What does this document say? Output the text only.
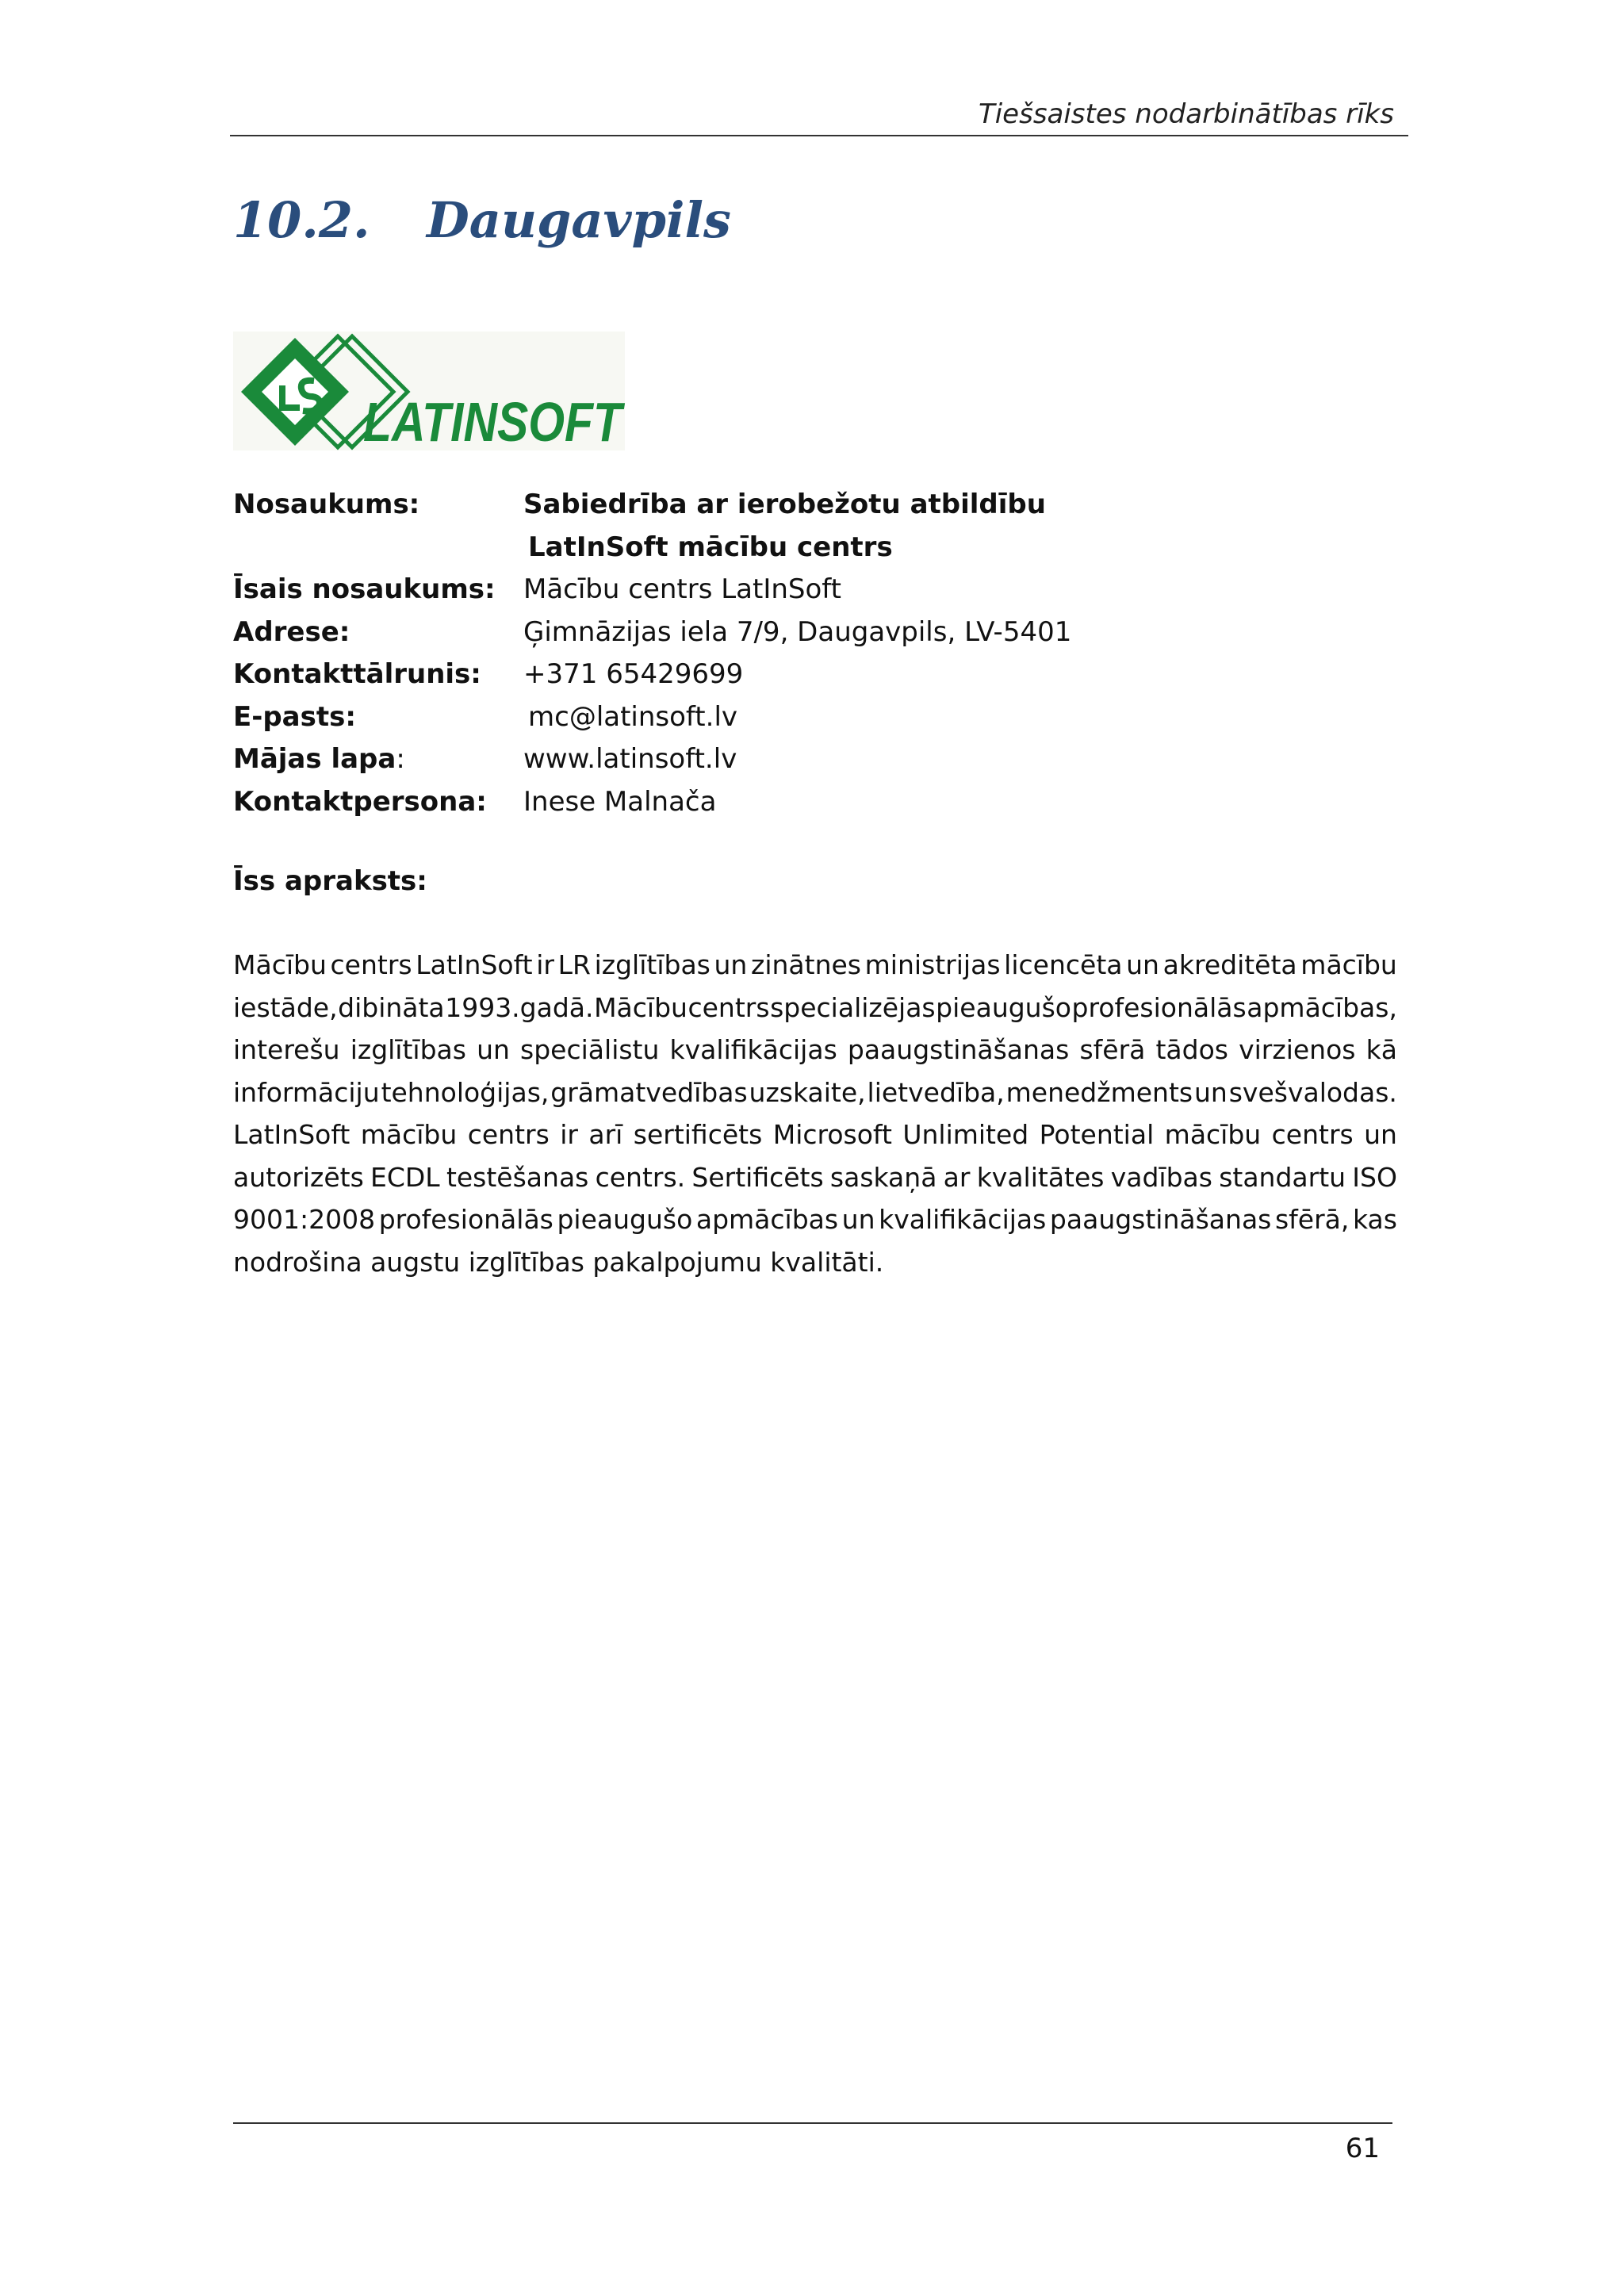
Tiešsaistes nodarbinātības rīks
10.2. Daugavpils
LATINSOFT
Nosaukums:	Sabiedrība ar ierobežotu atbildību
LatInSoft mācību centrs
Īsais nosaukums:	Mācību centrs LatInSoft
Adrese:	Ģimnāzijas iela 7/9, Daugavpils, LV-5401
Kontakttālrunis:	+371 65429699
E-pasts:	mc@latinsoft.lv
Mājas lapa:	www.latinsoft.lv
Kontaktpersona:	Inese Malnača
Īss apraksts:
Mācību centrs LatInSoft ir LR izglītības un zinātnes ministrijas licencēta un akreditēta mācību
iestāde, dibināta 1993.gadā. Mācību centrs specializējas pieaugušo profesionālās apmācības,
interešu izglītības un speciālistu kvalifikācijas paaugstināšanas sfērā tādos virzienos kā
informāciju tehnoloģijas, grāmatvedības uzskaite, lietvedība, menedžments un svešvalodas.
LatInSoft mācību centrs ir arī sertificēts Microsoft Unlimited Potential mācību centrs un
autorizēts ECDL testēšanas centrs. Sertificēts saskaņā ar kvalitātes vadības standartu ISO
9001:2008 profesionālās pieaugušo apmācības un kvalifikācijas paaugstināšanas sfērā, kas
nodrošina augstu izglītības pakalpojumu kvalitāti.
61
